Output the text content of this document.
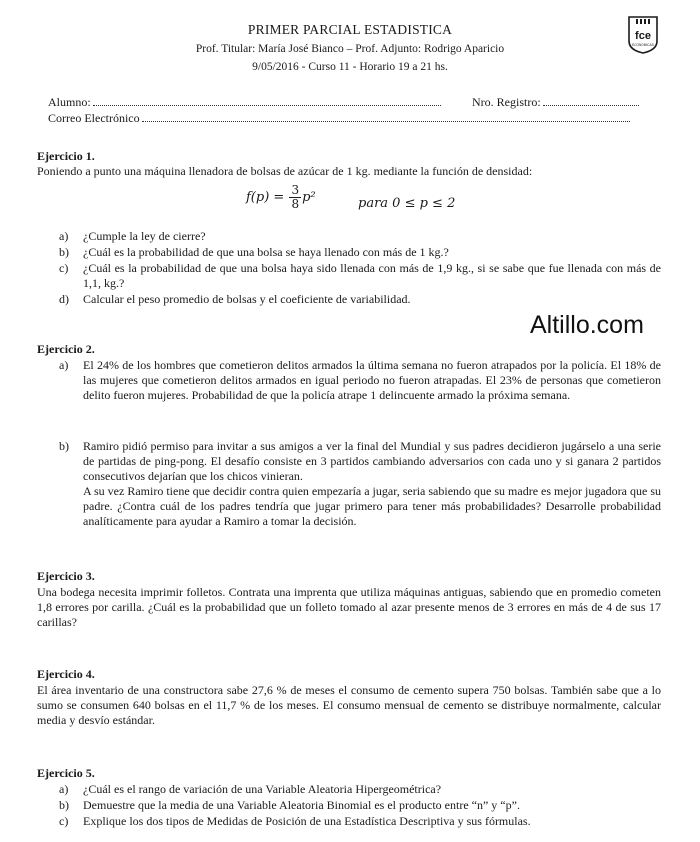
PRIMER PARCIAL ESTADISTICA
Prof. Titular: María José Bianco – Prof. Adjunto: Rodrigo Aparicio
9/05/2016 - Curso 11 - Horario 19 a 21 hs.
fce
ECONOMICAS
Alumno:	Nro. Registro:
Correo Electrónico
Ejercicio 1.
Poniendo a punto una máquina llenadora de bolsas de azúcar de 1 kg. mediante la función de densidad:
$f(p) = \frac{3}{8} p^2$	para 0 ≤ p ≤ 2
a) ¿Cumple la ley de cierre?
b) ¿Cuál es la probabilidad de que una bolsa se haya llenado con más de 1 kg.?
c) ¿Cuál es la probabilidad de que una bolsa haya sido llenada con más de 1,9 kg., si se sabe que fue llenada con más de 1,1, kg.?
d) Calcular el peso promedio de bolsas y el coeficiente de variabilidad.
Altillo.com
Ejercicio 2.
a) El 24% de los hombres que cometieron delitos armados la última semana no fueron atrapados por la policía. El 18% de las mujeres que cometieron delitos armados en igual periodo no fueron atrapadas. El 23% de personas que cometieron delito fueron mujeres. Probabilidad de que la policía atrape 1 delincuente armado la próxima semana.
b) Ramiro pidió permiso para invitar a sus amigos a ver la final del Mundial y sus padres decidieron jugárselo a una serie de partidas de ping-pong. El desafío consiste en 3 partidos cambiando adversarios con cada uno y si ganara 2 partidos consecutivos dejarían que los chicos vinieran.
A su vez Ramiro tiene que decidir contra quien empezaría a jugar, seria sabiendo que su madre es mejor jugadora que su padre. ¿Contra cuál de los padres tendría que jugar primero para tener más probabilidades? Desarrolle probabilidad analíticamente para ayudar a Ramiro a tomar la decisión.
Ejercicio 3.
Una bodega necesita imprimir folletos. Contrata una imprenta que utiliza máquinas antiguas, sabiendo que en promedio cometen 1,8 errores por carilla. ¿Cuál es la probabilidad que un folleto tomado al azar presente menos de 3 errores en más de 4 de sus 17 carillas?
Ejercicio 4.
El área inventario de una constructora sabe 27,6 % de meses el consumo de cemento supera 750 bolsas. También sabe que a lo sumo se consumen 640 bolsas en el 11,7 % de los meses. El consumo mensual de cemento se distribuye normalmente, calcular media y desvío estándar.
Ejercicio 5.
a) ¿Cuál es el rango de variación de una Variable Aleatoria Hipergeométrica?
b) Demuestre que la media de una Variable Aleatoria Binomial es el producto entre “n” y “p”.
c) Explique los dos tipos de Medidas de Posición de una Estadística Descriptiva y sus fórmulas.
